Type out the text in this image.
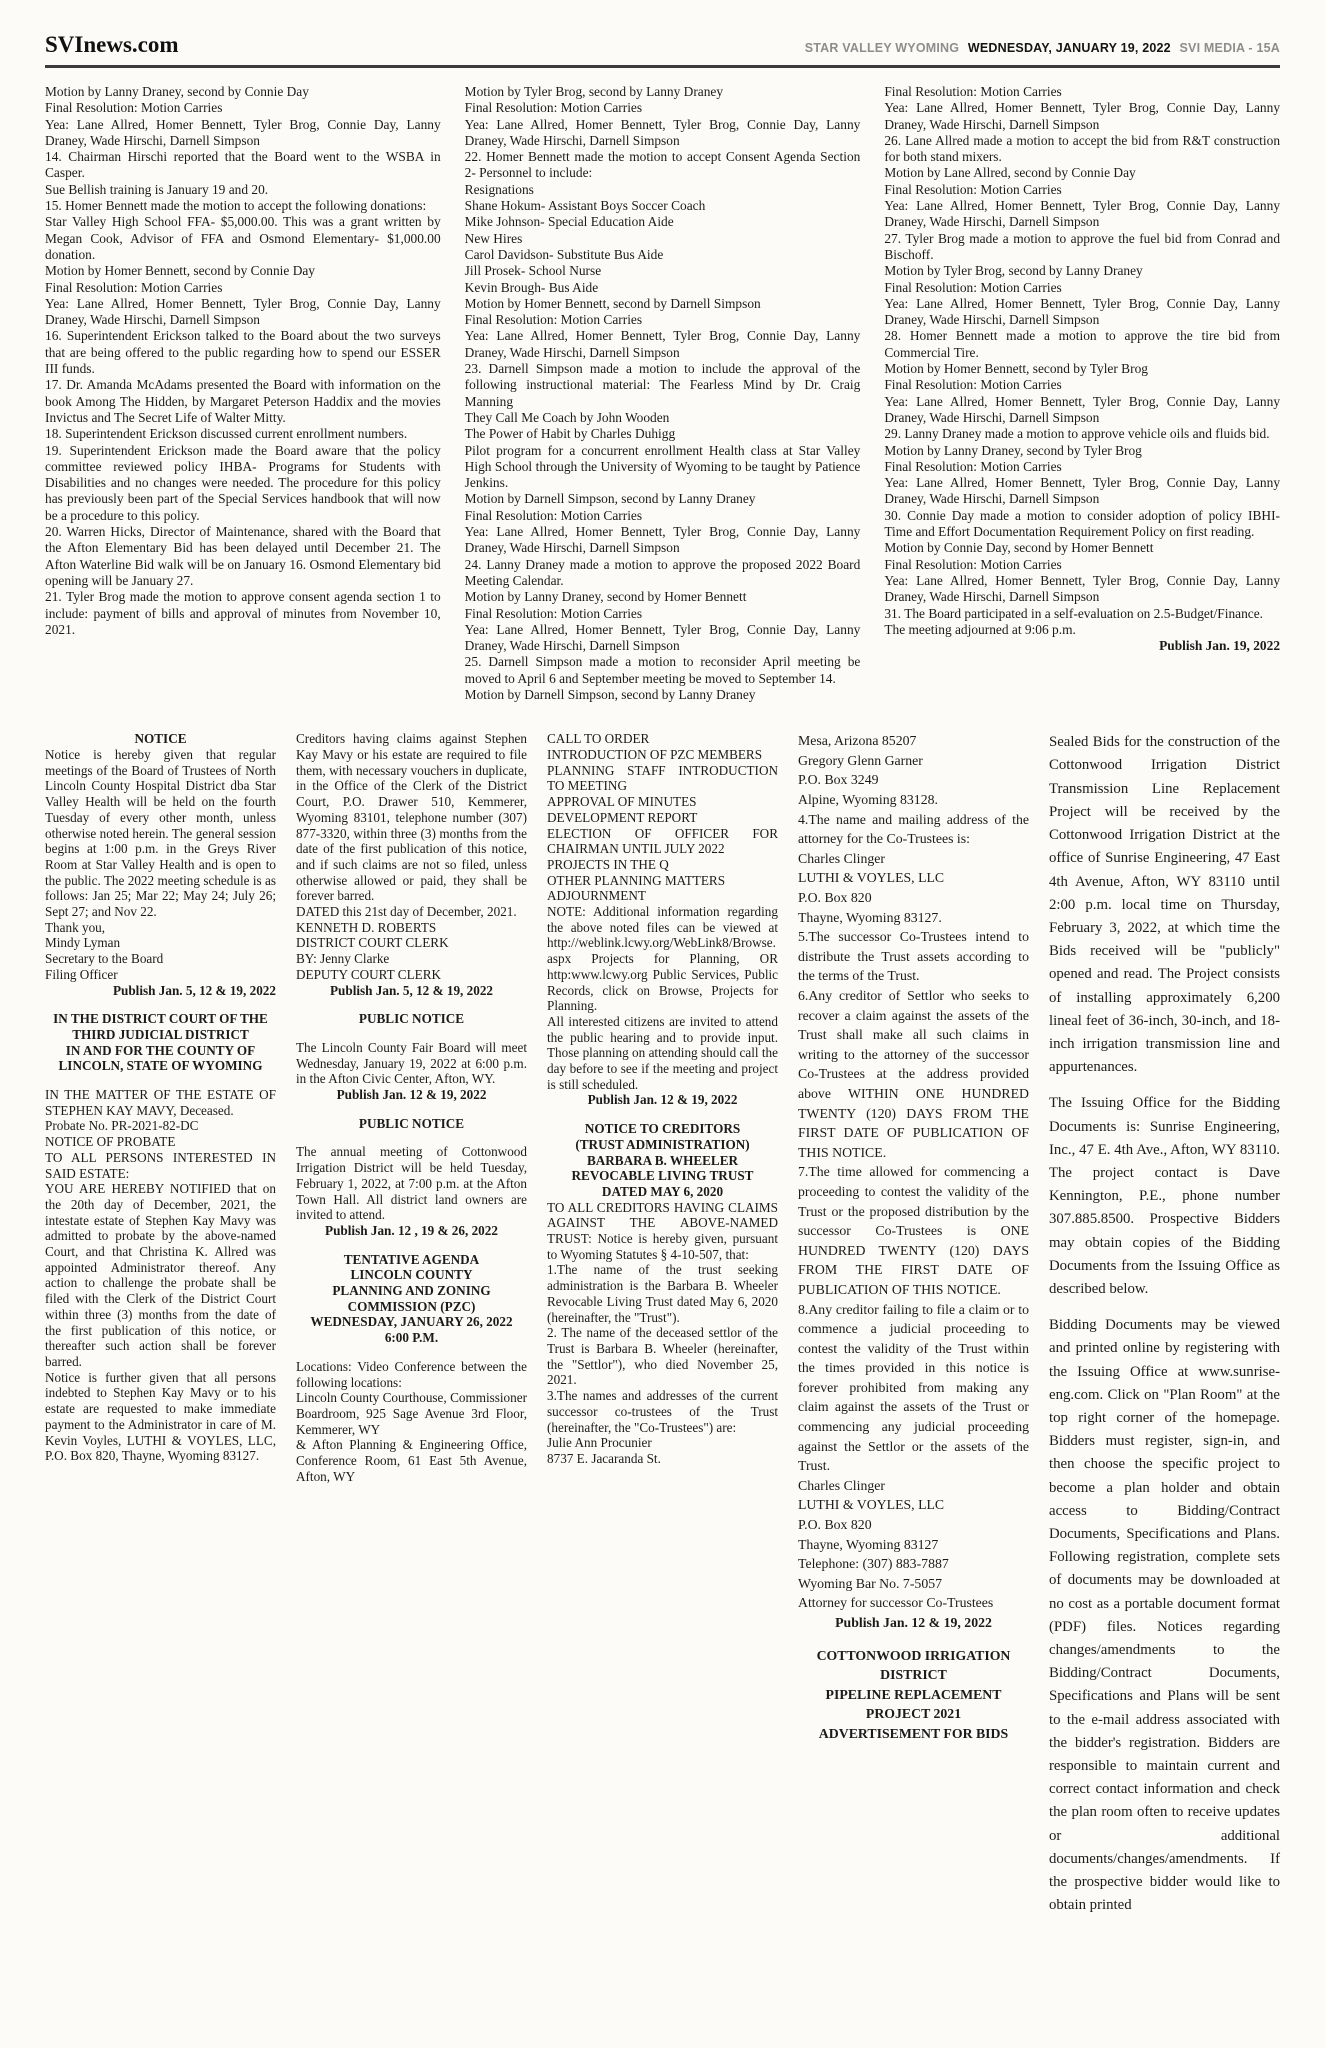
SVInews.com	STAR VALLEY WYOMING WEDNESDAY, JANUARY 19, 2022 SVI MEDIA - 15A

Motion by Lanny Draney, second by Connie Day

Final Resolution: Motion Carries

Yea: Lane Allred, Homer Bennett, Tyler Brog, Connie Day, Lanny Draney, Wade Hirschi, Darnell Simpson

14. Chairman Hirschi reported that the Board went to the WSBA in Casper.

Sue Bellish training is January 19 and 20.

15. Homer Bennett made the motion to accept the following donations:

Star Valley High School FFA- $5,000.00. This was a grant written by Megan Cook, Advisor of FFA and Osmond Elementary- $1,000.00 donation.

Motion by Homer Bennett, second by Connie Day

Final Resolution: Motion Carries

Yea: Lane Allred, Homer Bennett, Tyler Brog, Connie Day, Lanny Draney, Wade Hirschi, Darnell Simpson

16. Superintendent Erickson talked to the Board about the two surveys that are being offered to the public regarding how to spend our ESSER III funds.

17. Dr. Amanda McAdams presented the Board with information on the book Among The Hidden, by Margaret Peterson Haddix and the movies Invictus and The Secret Life of Walter Mitty.

18. Superintendent Erickson discussed current enrollment numbers.

19. Superintendent Erickson made the Board aware that the policy committee reviewed policy IHBA- Programs for Students with Disabilities and no changes were needed. The procedure for this policy has previously been part of the Special Services handbook that will now be a procedure to this policy.

20. Warren Hicks, Director of Maintenance, shared with the Board that the Afton Elementary Bid has been delayed until December 21. The Afton Waterline Bid walk will be on January 16. Osmond Elementary bid opening will be January 27.

21. Tyler Brog made the motion to approve consent agenda section 1 to include: payment of bills and approval of minutes from November 10, 2021.

Motion by Tyler Brog, second by Lanny Draney

Final Resolution: Motion Carries

Yea: Lane Allred, Homer Bennett, Tyler Brog, Connie Day, Lanny Draney, Wade Hirschi, Darnell Simpson

22. Homer Bennett made the motion to accept Consent Agenda Section 2- Personnel to include:

Resignations

Shane Hokum- Assistant Boys Soccer Coach

Mike Johnson- Special Education Aide

New Hires

Carol Davidson- Substitute Bus Aide

Jill Prosek- School Nurse

Kevin Brough- Bus Aide

Motion by Homer Bennett, second by Darnell Simpson

Final Resolution: Motion Carries

Yea: Lane Allred, Homer Bennett, Tyler Brog, Connie Day, Lanny Draney, Wade Hirschi, Darnell Simpson

23. Darnell Simpson made a motion to include the approval of the following instructional material: The Fearless Mind by Dr. Craig Manning

They Call Me Coach by John Wooden

The Power of Habit by Charles Duhigg

Pilot program for a concurrent enrollment Health class at Star Valley High School through the University of Wyoming to be taught by Patience Jenkins.

Motion by Darnell Simpson, second by Lanny Draney

Final Resolution: Motion Carries

Yea: Lane Allred, Homer Bennett, Tyler Brog, Connie Day, Lanny Draney, Wade Hirschi, Darnell Simpson

24. Lanny Draney made a motion to approve the proposed 2022 Board Meeting Calendar.

Motion by Lanny Draney, second by Homer Bennett

Final Resolution: Motion Carries

Yea: Lane Allred, Homer Bennett, Tyler Brog, Connie Day, Lanny Draney, Wade Hirschi, Darnell Simpson

25. Darnell Simpson made a motion to reconsider April meeting be moved to April 6 and September meeting be moved to September 14.

Motion by Darnell Simpson, second by Lanny Draney

Final Resolution: Motion Carries

Yea: Lane Allred, Homer Bennett, Tyler Brog, Connie Day, Lanny Draney, Wade Hirschi, Darnell Simpson

26. Lane Allred made a motion to accept the bid from R&T construction for both stand mixers.

Motion by Lane Allred, second by Connie Day

Final Resolution: Motion Carries

Yea: Lane Allred, Homer Bennett, Tyler Brog, Connie Day, Lanny Draney, Wade Hirschi, Darnell Simpson

27. Tyler Brog made a motion to approve the fuel bid from Conrad and Bischoff.

Motion by Tyler Brog, second by Lanny Draney

Final Resolution: Motion Carries

Yea: Lane Allred, Homer Bennett, Tyler Brog, Connie Day, Lanny Draney, Wade Hirschi, Darnell Simpson

28. Homer Bennett made a motion to approve the tire bid from Commercial Tire.

Motion by Homer Bennett, second by Tyler Brog

Final Resolution: Motion Carries

Yea: Lane Allred, Homer Bennett, Tyler Brog, Connie Day, Lanny Draney, Wade Hirschi, Darnell Simpson

29. Lanny Draney made a motion to approve vehicle oils and fluids bid.

Motion by Lanny Draney, second by Tyler Brog

Final Resolution: Motion Carries

Yea: Lane Allred, Homer Bennett, Tyler Brog, Connie Day, Lanny Draney, Wade Hirschi, Darnell Simpson

30. Connie Day made a motion to consider adoption of policy IBHI- Time and Effort Documentation Requirement Policy on first reading.

Motion by Connie Day, second by Homer Bennett

Final Resolution: Motion Carries

Yea: Lane Allred, Homer Bennett, Tyler Brog, Connie Day, Lanny Draney, Wade Hirschi, Darnell Simpson

31. The Board participated in a self-evaluation on 2.5-Budget/Finance.

The meeting adjourned at 9:06 p.m.

Publish Jan. 19, 2022

NOTICE

Notice is hereby given that regular meetings of the Board of Trustees of North Lincoln County Hospital District dba Star Valley Health will be held on the fourth Tuesday of every other month, unless otherwise noted herein. The general session begins at 1:00 p.m. in the Greys River Room at Star Valley Health and is open to the public. The 2022 meeting schedule is as follows: Jan 25; Mar 22; May 24; July 26; Sept 27; and Nov 22.

Thank you,

Mindy Lyman

Secretary to the Board

Filing Officer

Publish Jan. 5, 12 & 19, 2022

IN THE DISTRICT COURT OF THE THIRD JUDICIAL DISTRICT

IN AND FOR THE COUNTY OF LINCOLN, STATE OF WYOMING

IN THE MATTER OF THE ESTATE OF STEPHEN KAY MAVY, Deceased.

Probate No. PR-2021-82-DC

NOTICE OF PROBATE

TO ALL PERSONS INTERESTED IN SAID ESTATE:

YOU ARE HEREBY NOTIFIED that on the 20th day of December, 2021, the intestate estate of Stephen Kay Mavy was admitted to probate by the above-named Court, and that Christina K. Allred was appointed Administrator thereof. Any action to challenge the probate shall be filed with the Clerk of the District Court within three (3) months from the date of the first publication of this notice, or thereafter such action shall be forever barred.

Notice is further given that all persons indebted to Stephen Kay Mavy or to his estate are requested to make immediate payment to the Administrator in care of M. Kevin Voyles, LUTHI & VOYLES, LLC, P.O. Box 820, Thayne, Wyoming 83127.

Creditors having claims against Stephen Kay Mavy or his estate are required to file them, with necessary vouchers in duplicate, in the Office of the Clerk of the District Court, P.O. Drawer 510, Kemmerer, Wyoming 83101, telephone number (307) 877-3320, within three (3) months from the date of the first publication of this notice, and if such claims are not so filed, unless otherwise allowed or paid, they shall be forever barred.

DATED this 21st day of December, 2021.

KENNETH D. ROBERTS

DISTRICT COURT CLERK

BY: Jenny Clarke

DEPUTY COURT CLERK

Publish Jan. 5, 12 & 19, 2022

PUBLIC NOTICE

The Lincoln County Fair Board will meet Wednesday, January 19, 2022 at 6:00 p.m. in the Afton Civic Center, Afton, WY.

Publish Jan. 12 & 19, 2022

PUBLIC NOTICE

The annual meeting of Cottonwood Irrigation District will be held Tuesday, February 1, 2022, at 7:00 p.m. at the Afton Town Hall. All district land owners are invited to attend.

Publish Jan. 12 , 19 & 26, 2022

TENTATIVE AGENDA

LINCOLN COUNTY

PLANNING AND ZONING

COMMISSION (PZC)

WEDNESDAY, JANUARY 26, 2022

6:00 P.M.

Locations: Video Conference between the following locations:

Lincoln County Courthouse, Commissioner Boardroom, 925 Sage Avenue 3rd Floor, Kemmerer, WY

& Afton Planning & Engineering Office, Conference Room, 61 East 5th Avenue, Afton, WY

CALL TO ORDER

INTRODUCTION OF PZC MEMBERS

PLANNING STAFF INTRODUCTION TO MEETING

APPROVAL OF MINUTES

DEVELOPMENT REPORT

ELECTION OF OFFICER FOR CHAIRMAN UNTIL JULY 2022

PROJECTS IN THE Q

OTHER PLANNING MATTERS

ADJOURNMENT

NOTE: Additional information regarding the above noted files can be viewed at http://weblink.lcwy.org/WebLink8/Browse.aspx Projects for Planning, OR http:www.lcwy.org Public Services, Public Records, click on Browse, Projects for Planning.

All interested citizens are invited to attend the public hearing and to provide input. Those planning on attending should call the day before to see if the meeting and project is still scheduled.

Publish Jan. 12 & 19, 2022

NOTICE TO CREDITORS

(TRUST ADMINISTRATION)

BARBARA B. WHEELER

REVOCABLE LIVING TRUST

DATED MAY 6, 2020

TO ALL CREDITORS HAVING CLAIMS AGAINST THE ABOVE-NAMED TRUST: Notice is hereby given, pursuant to Wyoming Statutes § 4-10-507, that:

1.The name of the trust seeking administration is the Barbara B. Wheeler Revocable Living Trust dated May 6, 2020 (hereinafter, the "Trust").

2. The name of the deceased settlor of the Trust is Barbara B. Wheeler (hereinafter, the "Settlor"), who died November 25, 2021.

3.The names and addresses of the current successor co-trustees of the Trust (hereinafter, the "Co-Trustees") are:

Julie Ann Procunier

8737 E. Jacaranda St.

Mesa, Arizona 85207

Gregory Glenn Garner

P.O. Box 3249

Alpine, Wyoming 83128.

4.The name and mailing address of the attorney for the Co-Trustees is:

Charles Clinger

LUTHI & VOYLES, LLC

P.O. Box 820

Thayne, Wyoming 83127.

5.The successor Co-Trustees intend to distribute the Trust assets according to the terms of the Trust.

6.Any creditor of Settlor who seeks to recover a claim against the assets of the Trust shall make all such claims in writing to the attorney of the successor Co-Trustees at the address provided above WITHIN ONE HUNDRED TWENTY (120) DAYS FROM THE FIRST DATE OF PUBLICATION OF THIS NOTICE.

7.The time allowed for commencing a proceeding to contest the validity of the Trust or the proposed distribution by the successor Co-Trustees is ONE HUNDRED TWENTY (120) DAYS FROM THE FIRST DATE OF PUBLICATION OF THIS NOTICE.

8.Any creditor failing to file a claim or to commence a judicial proceeding to contest the validity of the Trust within the times provided in this notice is forever prohibited from making any claim against the assets of the Trust or commencing any judicial proceeding against the Settlor or the assets of the Trust.

Charles Clinger

LUTHI & VOYLES, LLC

P.O. Box 820

Thayne, Wyoming 83127

Telephone: (307) 883-7887

Wyoming Bar No. 7-5057

Attorney for successor Co-Trustees

Publish Jan. 12 & 19, 2022

COTTONWOOD IRRIGATION DISTRICT

PIPELINE REPLACEMENT PROJECT 2021

ADVERTISEMENT FOR BIDS

Sealed Bids for the construction of the Cottonwood Irrigation District Transmission Line Replacement Project will be received by the Cottonwood Irrigation District at the office of Sunrise Engineering, 47 East 4th Avenue, Afton, WY 83110 until 2:00 p.m. local time on Thursday, February 3, 2022, at which time the Bids received will be "publicly" opened and read. The Project consists of installing approximately 6,200 lineal feet of 36-inch, 30-inch, and 18-inch irrigation transmission line and appurtenances.

The Issuing Office for the Bidding Documents is: Sunrise Engineering, Inc., 47 E. 4th Ave., Afton, WY 83110. The project contact is Dave Kennington, P.E., phone number 307.885.8500. Prospective Bidders may obtain copies of the Bidding Documents from the Issuing Office as described below.

Bidding Documents may be viewed and printed online by registering with the Issuing Office at www.sunrise-eng.com. Click on "Plan Room" at the top right corner of the homepage. Bidders must register, sign-in, and then choose the specific project to become a plan holder and obtain access to Bidding/Contract Documents, Specifications and Plans. Following registration, complete sets of documents may be downloaded at no cost as a portable document format (PDF) files. Notices regarding changes/amendments to the Bidding/Contract Documents, Specifications and Plans will be sent to the e-mail address associated with the bidder's registration. Bidders are responsible to maintain current and correct contact information and check the plan room often to receive updates or additional documents/changes/amendments. If the prospective bidder would like to obtain printed
